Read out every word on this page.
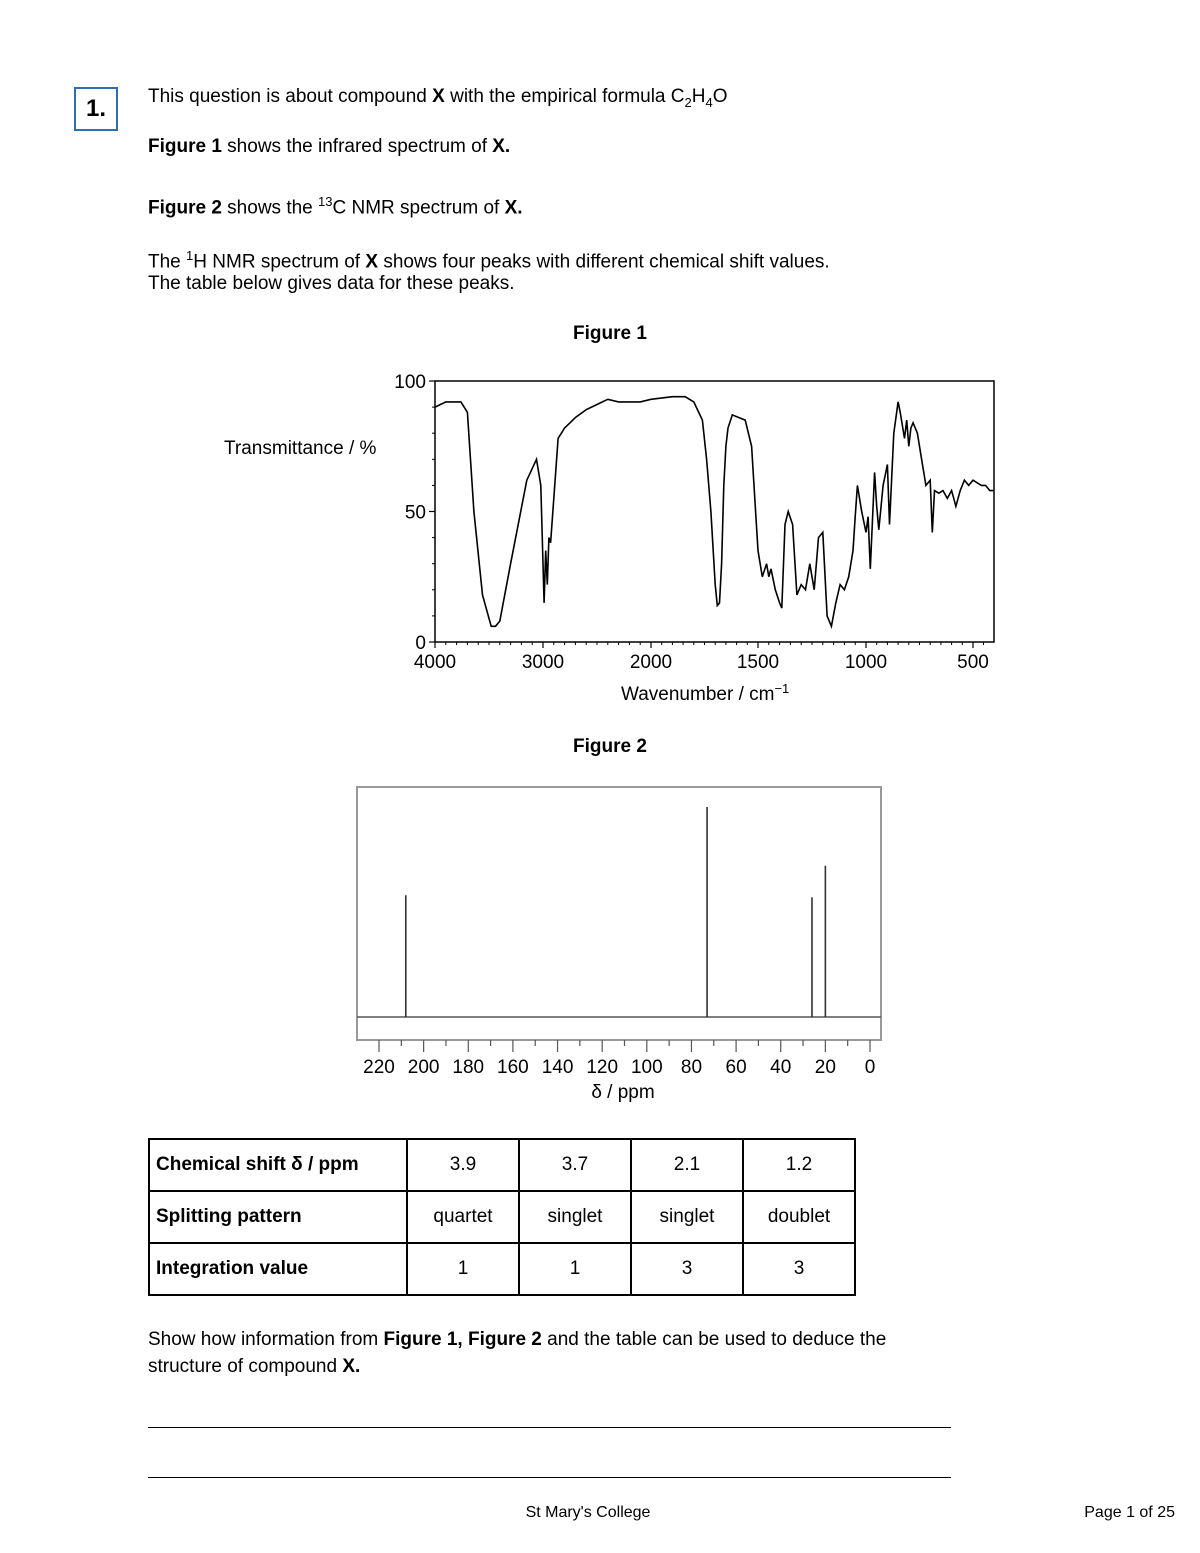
1.	This question is about compound X with the empirical formula $C_2H_4O$
Figure 1 shows the infrared spectrum of X.
Figure 2 shows the $^{13}$C NMR spectrum of X.
The $^1$H NMR spectrum of X shows four peaks with different chemical shift values.
The table below gives data for these peaks.
Figure 1
Transmittance / %
Wavenumber / $cm^{-1}$
4000	3000	2000	1500	1000	500
100
50
0
Figure 2
220 200 180 160 140 120 100 80 60 40 20 0
δ / ppm
Chemical shift δ / ppm	3.9	3.7	2.1	1.2
Splitting pattern	quartet	singlet	singlet	doublet
Integration value	1	1	3	3
Show how information from Figure 1, Figure 2 and the table can be used to deduce the
structure of compound X.
St Mary's College	Page 1 of 25
